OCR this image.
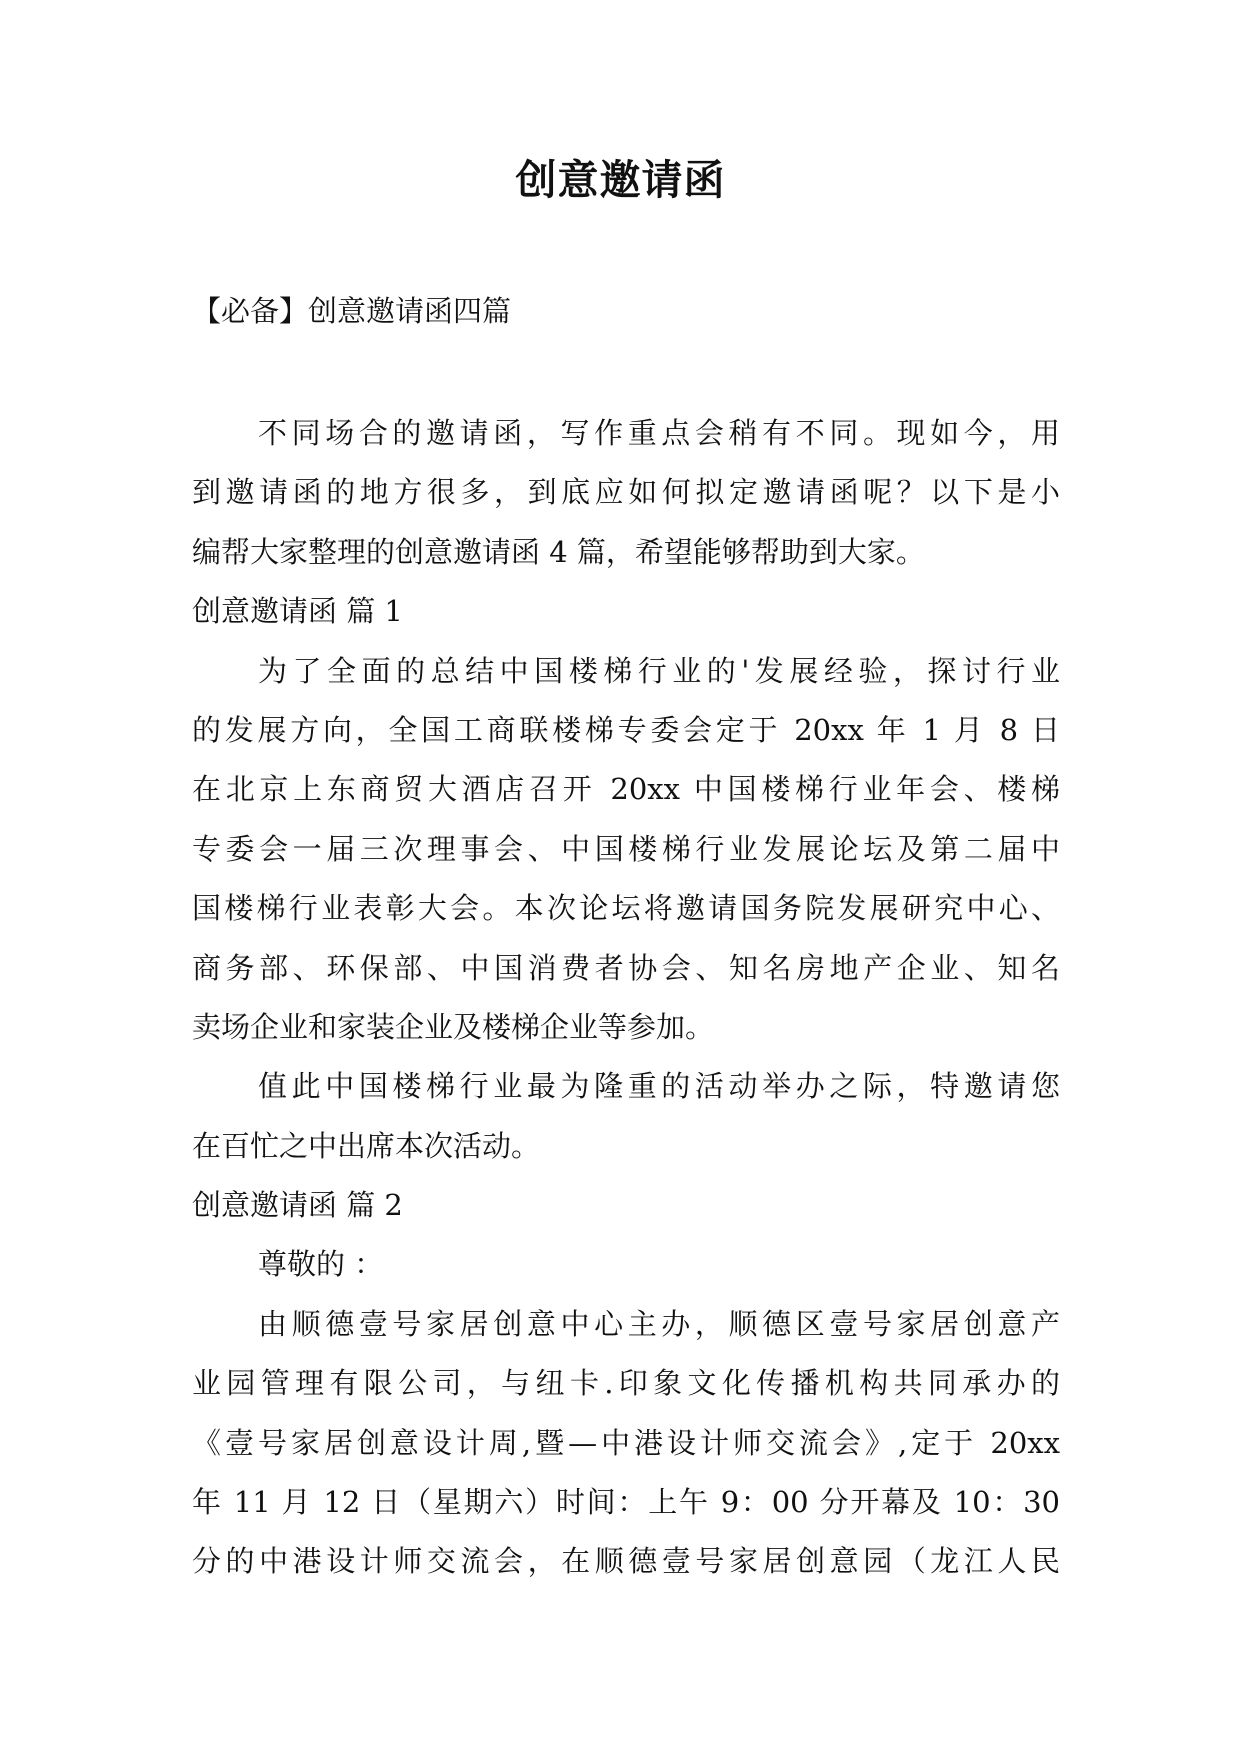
创意邀请函

【必备】创意邀请函四篇

不同场合的邀请函，写作重点会稍有不同。现如今，用
到邀请函的地方很多，到底应如何拟定邀请函呢？以下是小
编帮大家整理的创意邀请函 4 篇，希望能够帮助到大家。
创意邀请函 篇 1
为了全面的总结中国楼梯行业的'发展经验，探讨行业
的发展方向，全国工商联楼梯专委会定于 20xx 年 1 月 8 日
在北京上东商贸大酒店召开 20xx 中国楼梯行业年会、楼梯
专委会一届三次理事会、中国楼梯行业发展论坛及第二届中
国楼梯行业表彰大会。本次论坛将邀请国务院发展研究中心、
商务部、环保部、中国消费者协会、知名房地产企业、知名
卖场企业和家装企业及楼梯企业等参加。
值此中国楼梯行业最为隆重的活动举办之际，特邀请您
在百忙之中出席本次活动。
创意邀请函 篇 2
尊敬的 ：
由顺德壹号家居创意中心主办，顺德区壹号家居创意产
业园管理有限公司，与纽卡.印象文化传播机构共同承办的
《壹号家居创意设计周,暨—中港设计师交流会》,定于 20xx
年 11 月 12 日（星期六）时间：上午 9：00 分开幕及 10：30
分的中港设计师交流会，在顺德壹号家居创意园（龙江人民
